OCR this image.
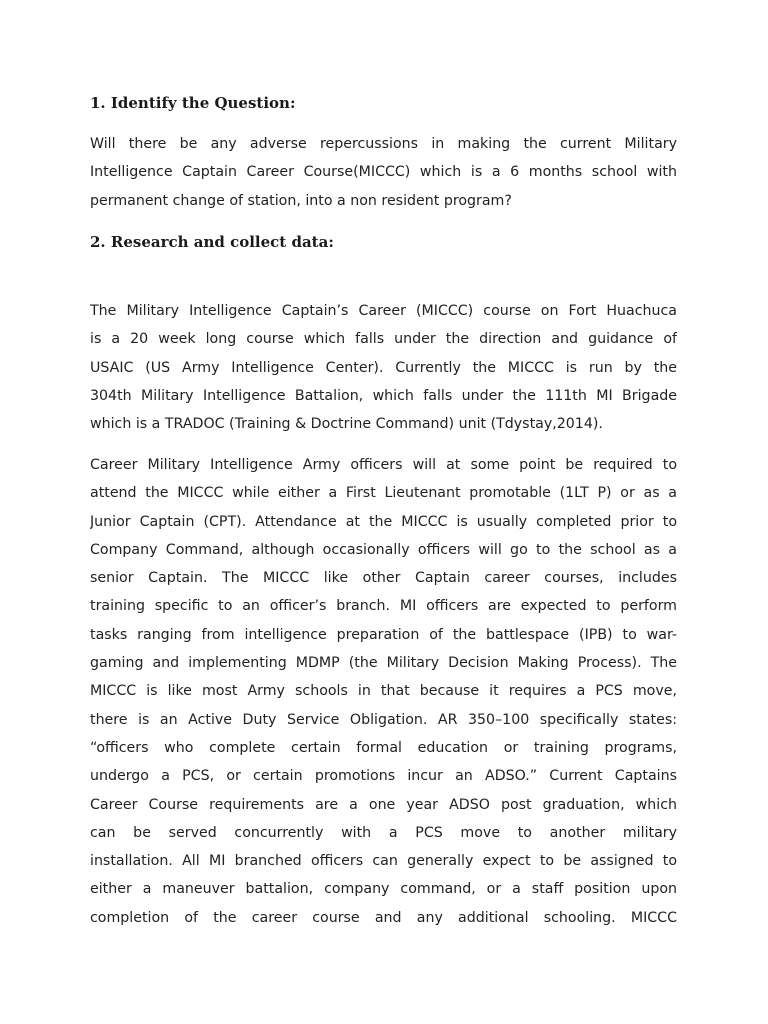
1. Identify the Question:
Will there be any adverse repercussions in making the current Military
Intelligence Captain Career Course(MICCC) which is a 6 months school with
permanent change of station, into a non resident program?
2. Research and collect data:
The Military Intelligence Captain’s Career (MICCC) course on Fort Huachuca
is a 20 week long course which falls under the direction and guidance of
USAIC (US Army Intelligence Center). Currently the MICCC is run by the
304th Military Intelligence Battalion, which falls under the 111th MI Brigade
which is a TRADOC (Training & Doctrine Command) unit (Tdystay,2014).
Career Military Intelligence Army officers will at some point be required to
attend the MICCC while either a First Lieutenant promotable (1LT P) or as a
Junior Captain (CPT). Attendance at the MICCC is usually completed prior to
Company Command, although occasionally officers will go to the school as a
senior Captain. The MICCC like other Captain career courses, includes
training specific to an officer’s branch. MI officers are expected to perform
tasks ranging from intelligence preparation of the battlespace (IPB) to war-
gaming and implementing MDMP (the Military Decision Making Process). The
MICCC is like most Army schools in that because it requires a PCS move,
there is an Active Duty Service Obligation. AR 350–100 specifically states:
“officers who complete certain formal education or training programs,
undergo a PCS, or certain promotions incur an ADSO.” Current Captains
Career Course requirements are a one year ADSO post graduation, which
can be served concurrently with a PCS move to another military
installation. All MI branched officers can generally expect to be assigned to
either a maneuver battalion, company command, or a staff position upon
completion of the career course and any additional schooling. MICCC
